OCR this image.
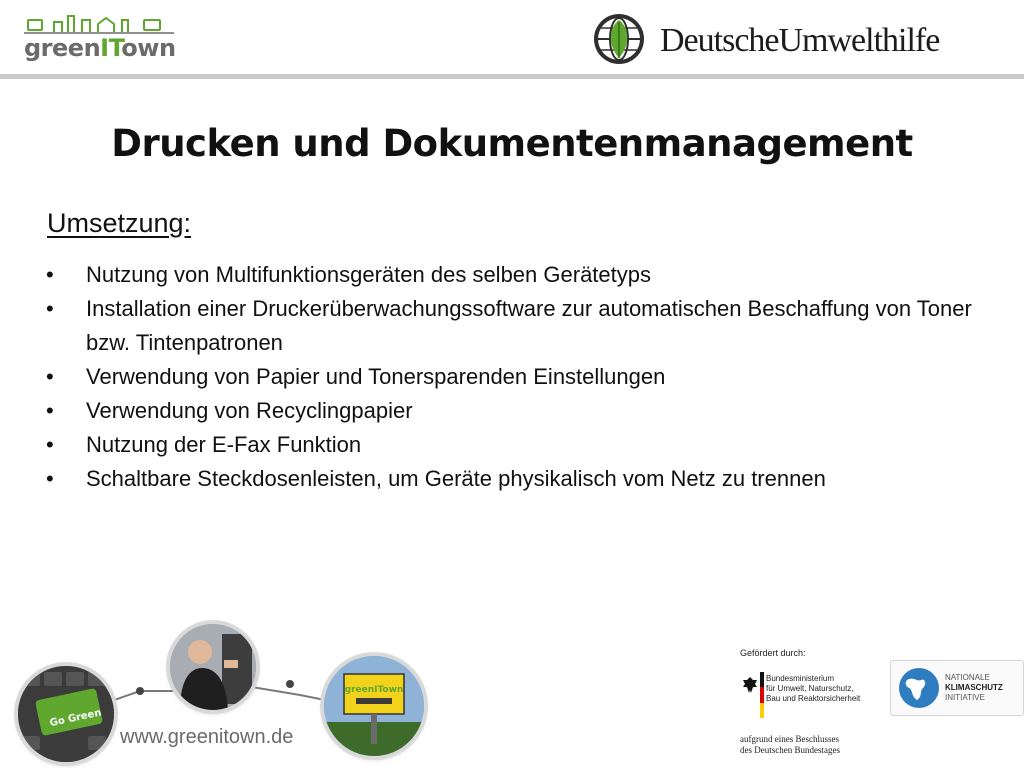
greenITown	DeutscheUmwelthilfe
Drucken und Dokumentenmanagement
Umsetzung:
• Nutzung von Multifunktionsgeräten des selben Gerätetyps
• Installation einer Druckerüberwachungssoftware zur automatischen Beschaffung von Toner bzw. Tintenpatronen
• Verwendung von Papier und Tonersparenden Einstellungen
• Verwendung von Recyclingpapier
• Nutzung der E-Fax Funktion
• Schaltbare Steckdosenleisten, um Geräte physikalisch vom Netz zu trennen
Go Green
greenITown
www.greenitown.de
Gefördert durch:
Bundesministerium
für Umwelt, Naturschutz,
Bau und Reaktorsicherheit
aufgrund eines Beschlusses
des Deutschen Bundestages
NATIONALE
KLIMASCHUTZ
INITIATIVE
